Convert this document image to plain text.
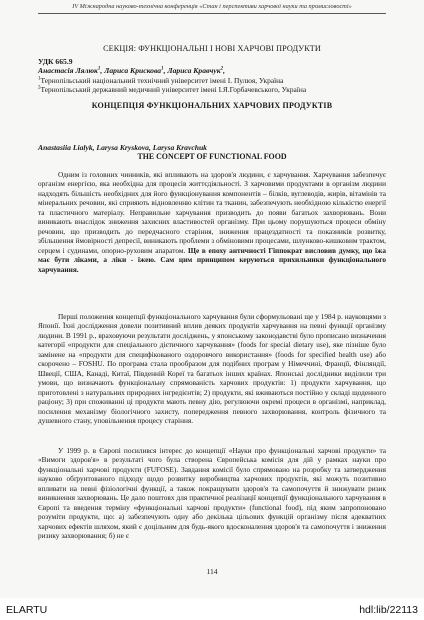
IV Міжнародна науково-технічна конференція «Стан і перспективи харчової науки та промисловості»
СЕКЦІЯ: ФУНКЦІОНАЛЬНІ І НОВІ ХАРЧОВІ ПРОДУКТИ
УДК 665.9
Анастасія Лялюк$^1$, Лариса Крискова$^1$, Лариса Кравчук$^2$,
$^1$Тернопільський національний технічний університет імені І. Пулюя, Україна
$^2$Тернопільський державний медичний університет імені І.Я.Горбачевського, Україна
КОНЦЕПЦІЯ ФУНКЦІОНАЛЬНИХ ХАРЧОВИХ ПРОДУКТІВ
Anastasiia Lialyk, Larysa Kryskova, Larysa Kravchuk
THE CONCEPT OF FUNCTIONAL FOOD

Одним із головних чинників, які впливають на здоров'я людини, є харчування. Харчування забезпечує організм енергією, яка необхідна для процесів життєдіяльності. З харчовими продуктами в організм людини надходять більшість необхідних для його функціонування компонентів – білків, вуглеводів, жирів, вітамінів та мінеральних речовин, які сприяють відновленню клітин та тканин, забезпечують необхідною кількістю енергії та пластичного матеріалу. Неправильне харчування призводить до появи багатьох захворювань. Вони виникають внаслідок зниження захисних властивостей організму. При цьому порушуються процеси обміну речовин, що призводить до передчасного старіння, зниження працездатності та показників розвитку, збільшення ймовірності депресії, виникають проблеми з обміновими процесами, шлунково-кишковим трактом, серцем і судинами, опорно-руховим апаратом. Ще в епоху античності Гіппократ висловив думку, що їжа має бути ліками, а ліки - їжею. Сам цим принципом керуються прихильники функціонального харчування.

Перші положення концепції функціонального харчування були сформульовані ще у 1984 р. науковцями з Японії. Їхні дослідження довели позитивний вплив деяких продуктів харчування на певні функції організму людини. В 1991 р., враховуючи результати досліджень, у японському законодавстві було прописано визначення категорії «продукти для спеціального дієтичного харчування» (foods for special dietary use), яке пізніше було замінене на «продукти для специфікованого оздоровчого використання» (foods for specified health use) або скорочено – FOSHU. По програма стала прообразом для подібних програм у Німеччині, Франції, Фінляндії, Швеції, США, Канаді, Китаї, Південній Кореї та багатьох інших країнах. Японські дослідники виділили три умови, що визначають функціональну спрямованість харчових продуктів: 1) продукти харчування, що приготовлені з натуральних природних інгредієнтів; 2) продукти, які вживаються постійно у складі щоденного раціону; 3) при споживанні ці продукти мають певну дію, регулюючи окремі процеси в організмі, наприклад, посилення механізму біологічного захисту, попередження певного захворювання, контроль фізичного та душевного стану, уповільнення процесу старіння.

У 1999 р. в Європі посилився інтерес до концепції «Науки про функціональні харчові продукти» та «Вимоги здоров'я» в результаті чого була створена Європейська комісія для дій у рамках науки про функціональні харчові продукти (FUFOSE). Завдання комісії було спрямовано на розробку та затвердження науково обґрунтованого підходу щодо розвитку виробництва харчових продуктів, які можуть позитивно впливати на певні фізіологічні функції, а також покращувати здоров'я та самопочуття й знижувати ризик виникнення захворювань. Це дало поштовх для практичної реалізації концепції функціонального харчування в Європі та введення терміну «функціональні харчові продукти» (functional food), під яким запропоновано розуміти продукти, що: а) забезпечують одну або декілька цільових функцій організму після адекватних харчових ефектів шляхом, який є доцільним для будь-якого вдосконалення здоров'я та самопочуття і зниження ризику захворювання; б) не є

114
ELARTU	hdl:lib/22113
